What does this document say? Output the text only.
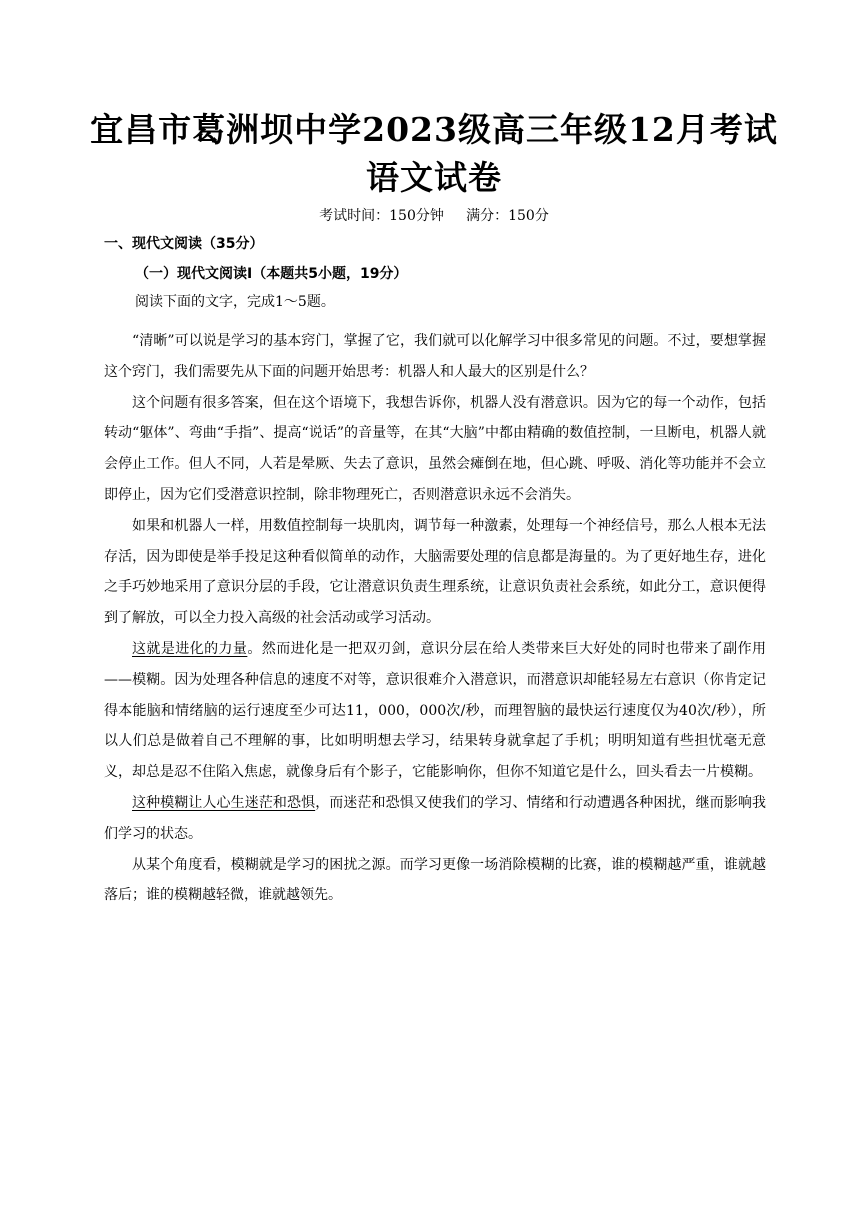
宜昌市葛洲坝中学2023级高三年级12月考试
语文试卷
考试时间：150分钟     满分：150分
一、现代文阅读（35分）
（一）现代文阅读Ⅰ（本题共5小题，19分）
阅读下面的文字，完成1～5题。

“清晰”可以说是学习的基本窍门，掌握了它，我们就可以化解学习中很多常见的问题。不过，要想掌握这个窍门，我们需要先从下面的问题开始思考：机器人和人最大的区别是什么？

这个问题有很多答案，但在这个语境下，我想告诉你，机器人没有潜意识。因为它的每一个动作，包括转动“躯体”、弯曲“手指”、提高“说话”的音量等，在其“大脑”中都由精确的数值控制，一旦断电，机器人就会停止工作。但人不同，人若是晕厥、失去了意识，虽然会瘫倒在地，但心跳、呼吸、消化等功能并不会立即停止，因为它们受潜意识控制，除非物理死亡，否则潜意识永远不会消失。

如果和机器人一样，用数值控制每一块肌肉，调节每一种激素，处理每一个神经信号，那么人根本无法存活，因为即使是举手投足这种看似简单的动作，大脑需要处理的信息都是海量的。为了更好地生存，进化之手巧妙地采用了意识分层的手段，它让潜意识负责生理系统，让意识负责社会系统，如此分工，意识便得到了解放，可以全力投入高级的社会活动或学习活动。

这就是进化的力量。然而进化是一把双刃剑，意识分层在给人类带来巨大好处的同时也带来了副作用——模糊。因为处理各种信息的速度不对等，意识很难介入潜意识，而潜意识却能轻易左右意识（你肯定记得本能脑和情绪脑的运行速度至少可达11，000，000次/秒，而理智脑的最快运行速度仅为40次/秒），所以人们总是做着自己不理解的事，比如明明想去学习，结果转身就拿起了手机；明明知道有些担忧毫无意义，却总是忍不住陷入焦虑，就像身后有个影子，它能影响你，但你不知道它是什么，回头看去一片模糊。

这种模糊让人心生迷茫和恐惧，而迷茫和恐惧又使我们的学习、情绪和行动遭遇各种困扰，继而影响我们学习的状态。

从某个角度看，模糊就是学习的困扰之源。而学习更像一场消除模糊的比赛，谁的模糊越严重，谁就越落后；谁的模糊越轻微，谁就越领先。
